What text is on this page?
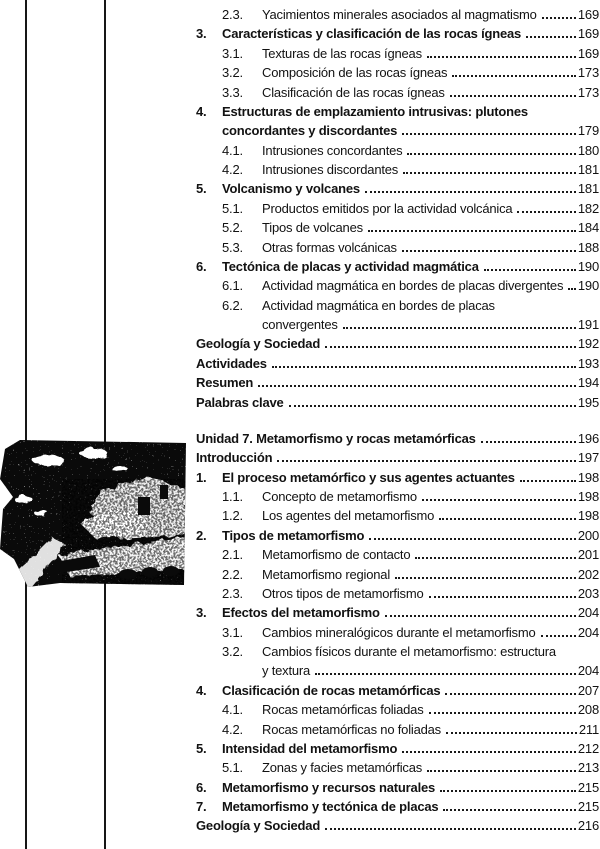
2.3.	Yacimientos minerales asociados al magmatismo	169
3.	Características y clasificación de las rocas ígneas	169
3.1.	Texturas de las rocas ígneas	169
3.2.	Composición de las rocas ígneas	173
3.3.	Clasificación de las rocas ígneas	173
4.	Estructuras de emplazamiento intrusivas: plutones
concordantes y discordantes	179
4.1.	Intrusiones concordantes	180
4.2.	Intrusiones discordantes	181
5.	Volcanismo y volcanes	181
5.1.	Productos emitidos por la actividad volcánica	182
5.2.	Tipos de volcanes	184
5.3.	Otras formas volcánicas	188
6.	Tectónica de placas y actividad magmática	190
6.1.	Actividad magmática en bordes de placas divergentes 190
6.2.	Actividad magmática en bordes de placas
convergentes	191
Geología y Sociedad	192
Actividades	193
Resumen	194
Palabras clave	195
Unidad 7. Metamorfismo y rocas metamórficas	196
Introducción	197
1.	El proceso metamórfico y sus agentes actuantes	198
1.1.	Concepto de metamorfismo	198
1.2.	Los agentes del metamorfismo	198
2.	Tipos de metamorfismo	200
2.1.	Metamorfismo de contacto	201
2.2.	Metamorfismo regional	202
2.3.	Otros tipos de metamorfismo	203
3.	Efectos del metamorfismo	204
3.1.	Cambios mineralógicos durante el metamorfismo	204
3.2.	Cambios físicos durante el metamorfismo: estructura
y textura	204
4.	Clasificación de rocas metamórficas	207
4.1.	Rocas metamórficas foliadas	208
4.2.	Rocas metamórficas no foliadas	211
5.	Intensidad del metamorfismo	212
5.1.	Zonas y facies metamórficas	213
6.	Metamorfismo y recursos naturales	215
7.	Metamorfismo y tectónica de placas	215
Geología y Sociedad	216
